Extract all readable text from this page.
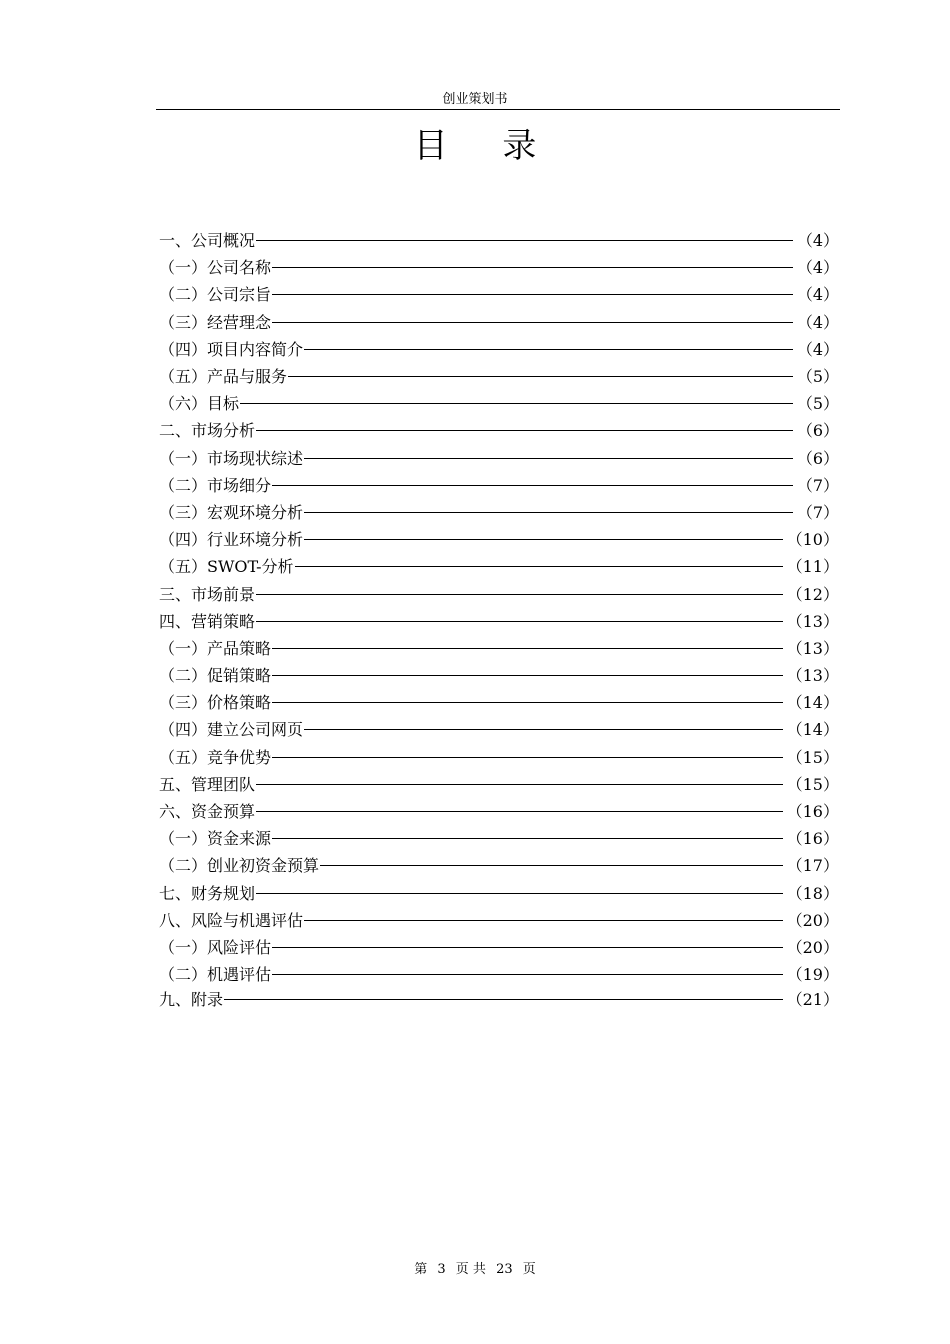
创业策划书
目 录
一、公司概况	（4）
（一）公司名称	（4）
（二）公司宗旨	（4）
（三）经营理念	（4）
（四）项目内容简介	（4）
（五）产品与服务	（5）
（六）目标	（5）
二、市场分析	（6）
（一）市场现状综述	（6）
（二）市场细分	（7）
（三）宏观环境分析	（7）
（四）行业环境分析	（10）
（五）SWOT-分析	（11）
三、市场前景	（12）
四、营销策略	（13）
（一）产品策略	（13）
（二）促销策略	（13）
（三）价格策略	（14）
（四）建立公司网页	（14）
（五）竞争优势	（15）
五、管理团队	（15）
六、资金预算	（16）
（一）资金来源	（16）
（二）创业初资金预算	（17）
七、财务规划	（18）
八、风险与机遇评估	（20）
（一）风险评估	（20）
（二）机遇评估	（19）
九、附录	（21）
第 3 页 共 23 页
